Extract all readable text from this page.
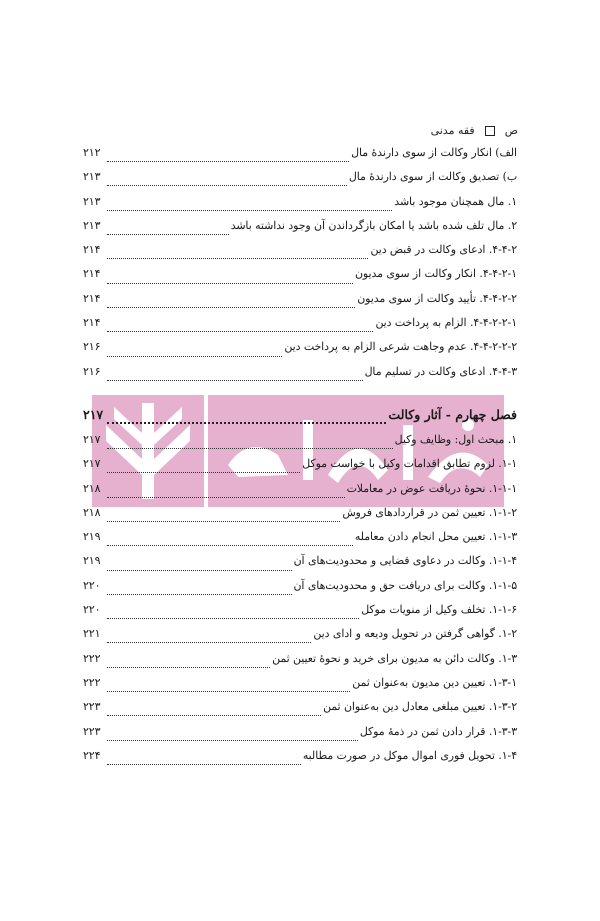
ص
فقه مدنی
الف) انکار وکالت از سوی دارندۀ مال
۲۱۲
ب) تصدیق وکالت از سوی دارندۀ مال
۲۱۳
۱. مال همچنان موجود باشد
۲۱۳
۲. مال تلف شده باشد یا امکان بازگرداندن آن وجود نداشته باشد
۲۱۳
۴-۴-۲. ادعای وکالت در قبض دین
۲۱۴
۴-۴-۲-۱. انکار وکالت از سوی مدیون
۲۱۴
۴-۴-۲-۲. تأیید وکالت از سوی مدیون
۲۱۴
۴-۴-۲-۲-۱. الزام به پرداخت دین
۲۱۴
۴-۴-۲-۲-۲. عدم وجاهت شرعی الزام به پرداخت دین
۲۱۶
۴-۴-۳. ادعای وکالت در تسلیم مال
۲۱۶
فصل چهارم - آثار وکالت
۲۱۷
۱. مبحث اول: وظایف وکیل
۲۱۷
۱-۱. لزوم تطابق اقدامات وکیل با خواست موکل
۲۱۷
۱-۱-۱. نحوۀ دریافت عوض در معاملات
۲۱۸
۱-۱-۲. تعیین ثمن در قراردادهای فروش
۲۱۸
۱-۱-۳. تعیین محل انجام دادن معامله
۲۱۹
۱-۱-۴. وکالت در دعاوی قضایی و محدودیت‌های آن
۲۱۹
۱-۱-۵. وکالت برای دریافت حق و محدودیت‌های آن
۲۲۰
۱-۱-۶. تخلف وکیل از منویات موکل
۲۲۰
۱-۲. گواهی گرفتن در تحویل ودیعه و ادای دین
۲۲۱
۱-۳. وکالت دائن به مدیون برای خرید و نحوۀ تعیین ثمن
۲۲۲
۱-۳-۱. تعیین دین مدیون به‌عنوان ثمن
۲۲۲
۱-۳-۲. تعیین مبلغی معادل دین به‌عنوان ثمن
۲۲۳
۱-۳-۳. قرار دادن ثمن در ذمۀ موکل
۲۲۳
۱-۴. تحویل فوری اموال موکل در صورت مطالبه
۲۲۴
